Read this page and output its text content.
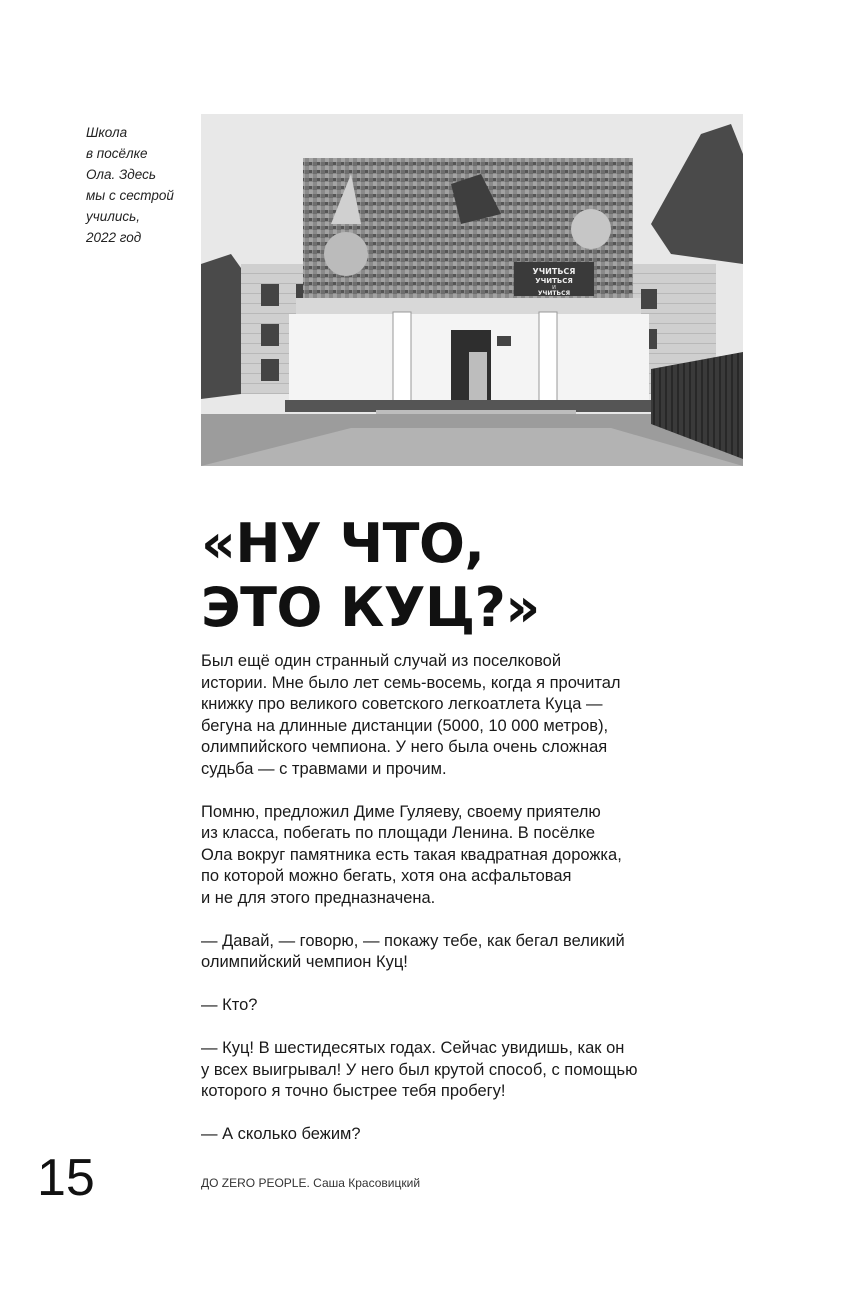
Школа
в посёлке
Ола. Здесь
мы с сестрой
учились,
2022 год
УЧИТЬСЯ
УЧИТЬСЯ
И
УЧИТЬСЯ
«НУ ЧТО,
ЭТО КУЦ?»

Был ещё один странный случай из поселковой
истории. Мне было лет семь-восемь, когда я прочитал
книжку про великого советского легкоатлета Куца —
бегуна на длинные дистанции (5000, 10 000 метров),
олимпийского чемпиона. У него была очень сложная
судьба — с травмами и прочим.

Помню, предложил Диме Гуляеву, своему приятелю
из класса, побегать по площади Ленина. В посёлке
Ола вокруг памятника есть такая квадратная дорожка,
по которой можно бегать, хотя она асфальтовая
и не для этого предназначена.

— Давай, — говорю, — покажу тебе, как бегал великий
олимпийский чемпион Куц!

— Кто?

— Куц! В шестидесятых годах. Сейчас увидишь, как он
у всех выигрывал! У него был крутой способ, с помощью
которого я точно быстрее тебя пробегу!

— А сколько бежим?

15	ДО ZERO PEOPLE. Саша Красовицкий
